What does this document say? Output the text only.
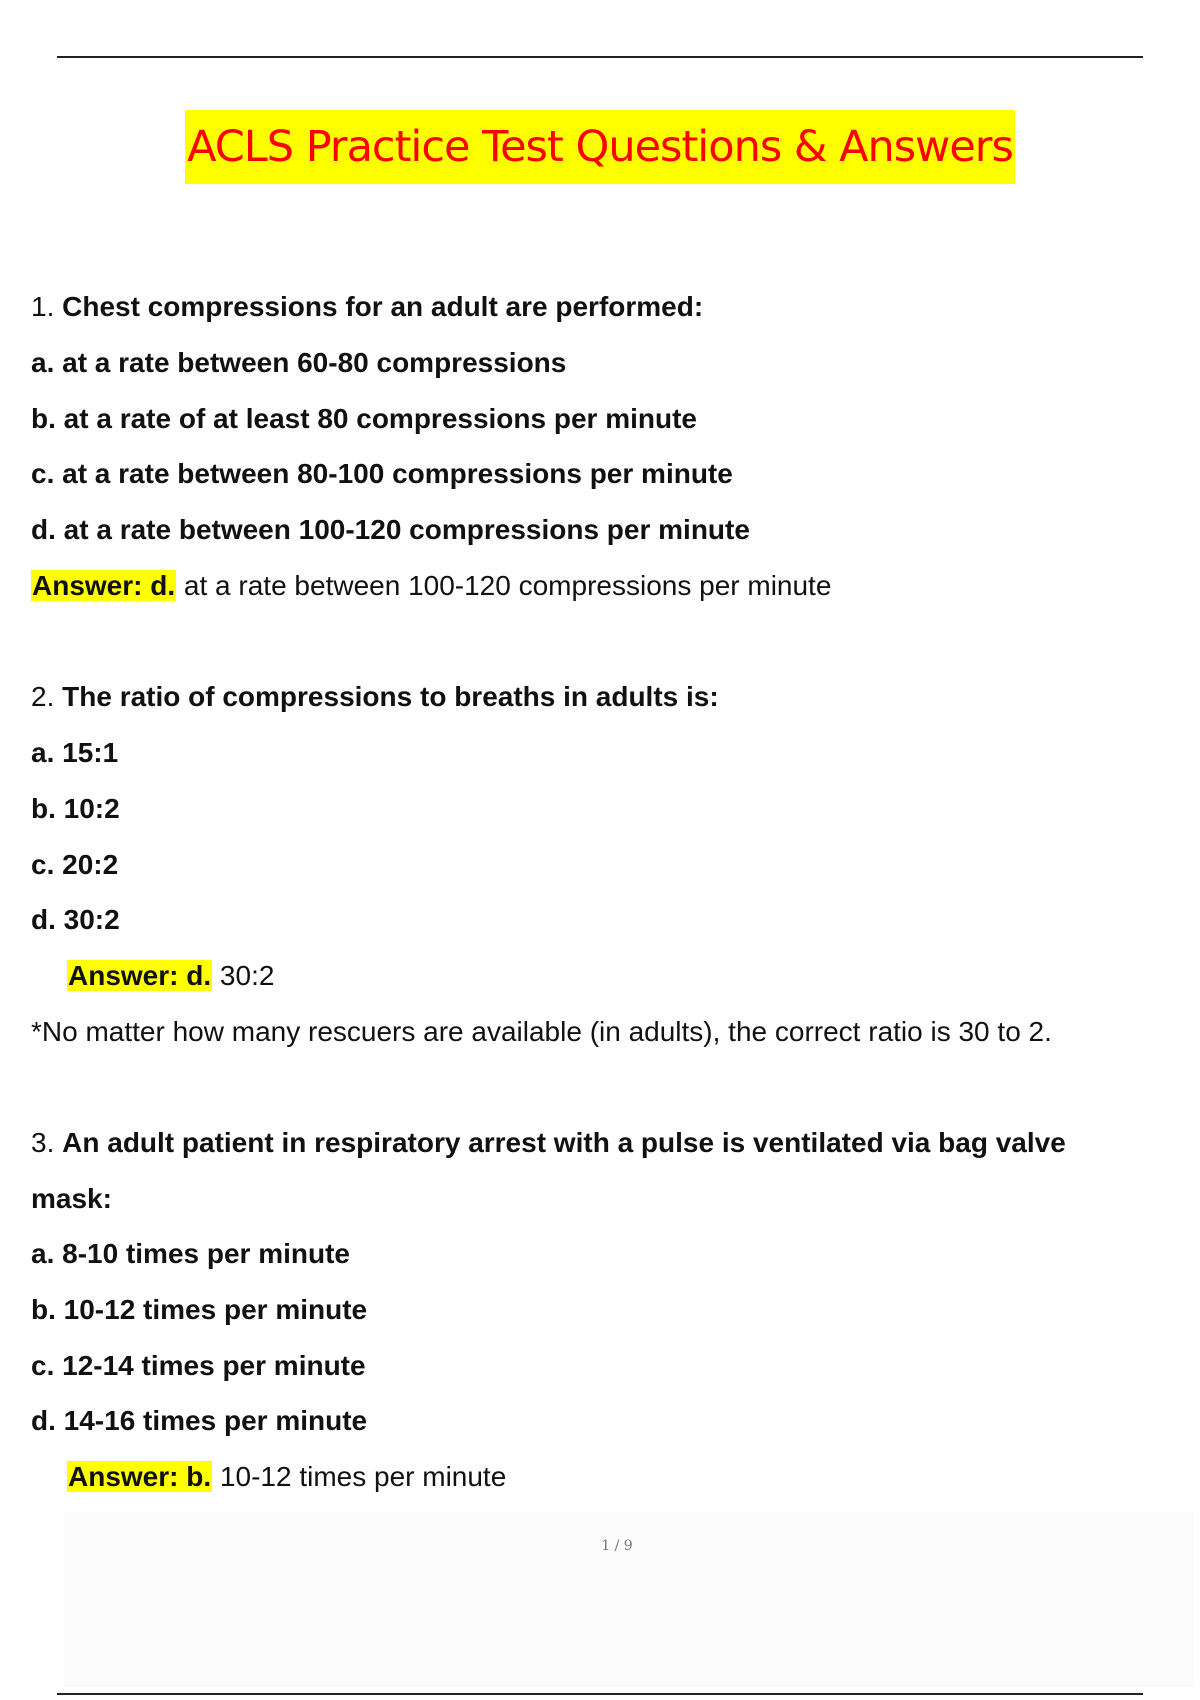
ACLS Practice Test Questions & Answers
1. Chest compressions for an adult are performed:
a. at a rate between 60-80 compressions
b. at a rate of at least 80 compressions per minute
c. at a rate between 80-100 compressions per minute
d. at a rate between 100-120 compressions per minute
Answer: d. at a rate between 100-120 compressions per minute
2. The ratio of compressions to breaths in adults is:
a. 15:1
b. 10:2
c. 20:2
d. 30:2
Answer: d. 30:2
*No matter how many rescuers are available (in adults), the correct ratio is 30 to 2.
3. An adult patient in respiratory arrest with a pulse is ventilated via bag valve
mask:
a. 8-10 times per minute
b. 10-12 times per minute
c. 12-14 times per minute
d. 14-16 times per minute
Answer: b. 10-12 times per minute
1 / 9
